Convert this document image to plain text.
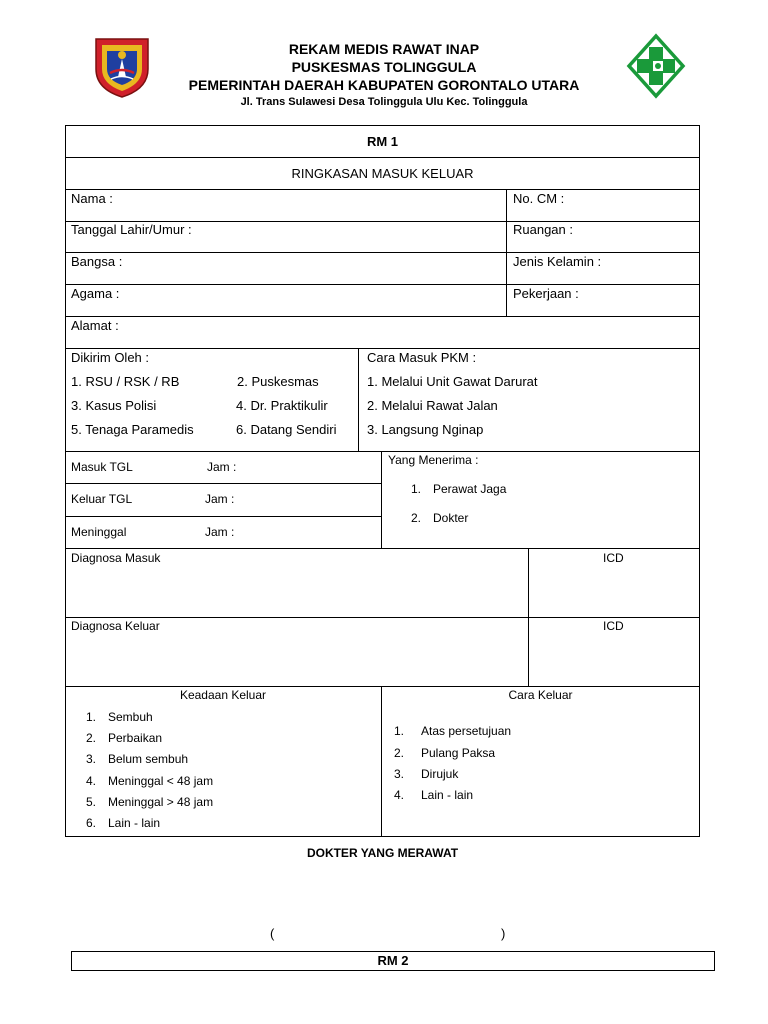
REKAM MEDIS RAWAT INAP
PUSKESMAS TOLINGGULA
PEMERINTAH DAERAH KABUPATEN GORONTALO UTARA
Jl. Trans Sulawesi Desa Tolinggula Ulu Kec. Tolinggula
RM 1
RINGKASAN MASUK KELUAR
Nama :	No. CM :
Tanggal Lahir/Umur :	Ruangan :
Bangsa :	Jenis Kelamin :
Agama :	Pekerjaan :
Alamat :
Dikirim Oleh :
1. RSU / RSK / RB	2. Puskesmas
3. Kasus Polisi	4. Dr. Praktikulir
5. Tenaga Paramedis	6. Datang Sendiri
Cara Masuk PKM :
1. Melalui Unit Gawat Darurat
2. Melalui Rawat Jalan
3. Langsung Nginap
Masuk TGL	Jam :
Keluar TGL	Jam :
Meninggal	Jam :
Yang Menerima :
1. Perawat Jaga
2. Dokter
Diagnosa Masuk	ICD
Diagnosa Keluar	ICD
Keadaan Keluar
1. Sembuh
2. Perbaikan
3. Belum sembuh
4. Meninggal < 48 jam
5. Meninggal > 48 jam
6. Lain - lain
Cara Keluar
1. Atas persetujuan
2. Pulang Paksa
3. Dirujuk
4. Lain - lain
DOKTER YANG MERAWAT
(	)
RM 2
